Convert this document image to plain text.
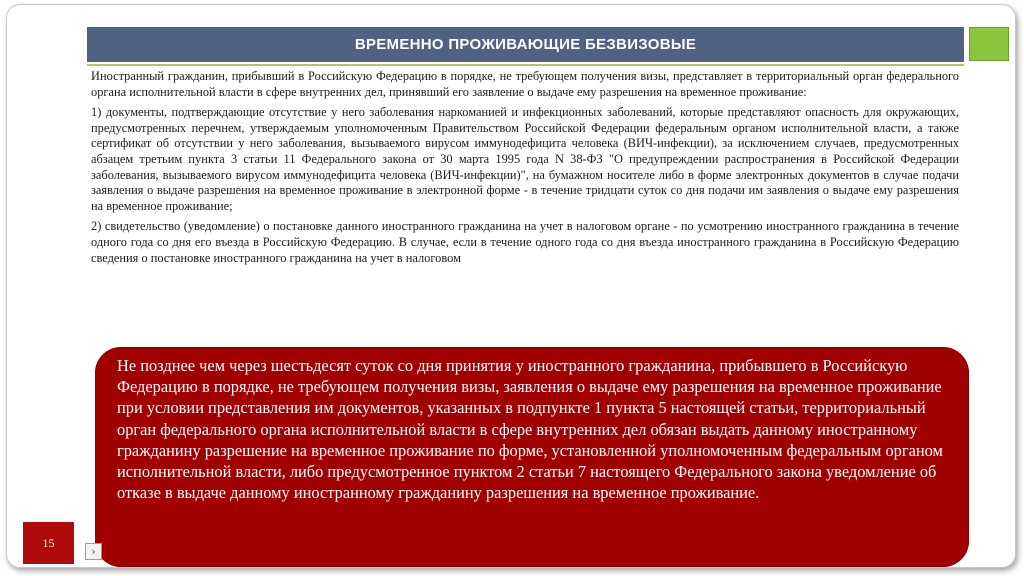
ВРЕМЕННО ПРОЖИВАЮЩИЕ БЕЗВИЗОВЫЕ

Иностранный гражданин, прибывший в Российскую Федерацию в порядке, не требующем получения визы, представляет в территориальный орган федерального органа исполнительной власти в сфере внутренних дел, принявший его заявление о выдаче ему разрешения на временное проживание:

1) документы, подтверждающие отсутствие у него заболевания наркоманией и инфекционных заболеваний, которые представляют опасность для окружающих, предусмотренных перечнем, утверждаемым уполномоченным Правительством Российской Федерации федеральным органом исполнительной власти, а также сертификат об отсутствии у него заболевания, вызываемого вирусом иммунодефицита человека (ВИЧ-инфекции), за исключением случаев, предусмотренных абзацем третьим пункта 3 статьи 11 Федерального закона от 30 марта 1995 года N 38-ФЗ "О предупреждении распространения в Российской Федерации заболевания, вызываемого вирусом иммунодефицита человека (ВИЧ-инфекции)", на бумажном носителе либо в форме электронных документов в случае подачи заявления о выдаче разрешения на временное проживание в электронной форме - в течение тридцати суток со дня подачи им заявления о выдаче ему разрешения на временное проживание;

2) свидетельство (уведомление) о постановке данного иностранного гражданина на учет в налоговом органе - по усмотрению иностранного гражданина в течение одного года со дня его въезда в Российскую Федерацию. В случае, если в течение одного года со дня въезда иностранного гражданина в Российскую Федерацию сведения о постановке иностранного гражданина на учет в налоговом

Не позднее чем через шестьдесят суток со дня принятия у иностранного гражданина, прибывшего в Российскую Федерацию в порядке, не требующем получения визы, заявления о выдаче ему разрешения на временное проживание при условии представления им документов, указанных в подпункте 1 пункта 5 настоящей статьи, территориальный орган федерального органа исполнительной власти в сфере внутренних дел обязан выдать данному иностранному гражданину разрешение на временное проживание по форме, установленной уполномоченным федеральным органом исполнительной власти, либо предусмотренное пунктом 2 статьи 7 настоящего Федерального закона уведомление об отказе в выдаче данному иностранному гражданину разрешения на временное проживание.
15
›
